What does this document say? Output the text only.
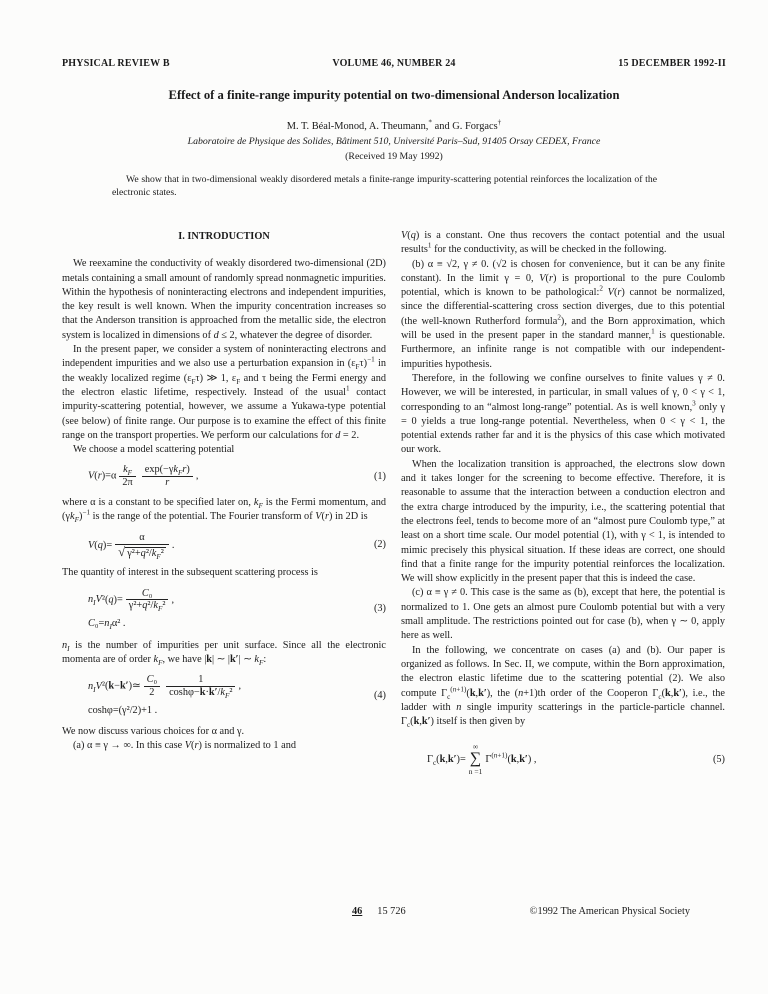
PHYSICAL REVIEW B	VOLUME 46, NUMBER 24	15 DECEMBER 1992-II
Effect of a finite-range impurity potential on two-dimensional Anderson localization
M. T. Béal-Monod, A. Theumann,* and G. Forgacs†
Laboratoire de Physique des Solides, Bâtiment 510, Université Paris–Sud, 91405 Orsay CEDEX, France
(Received 19 May 1992)
We show that in two-dimensional weakly disordered metals a finite-range impurity-scattering potential reinforces the localization of the electronic states.
I. INTRODUCTION

We reexamine the conductivity of weakly disordered two-dimensional (2D) metals containing a small amount of randomly spread nonmagnetic impurities. Within the hypothesis of noninteracting electrons and independent impurities, the key result is well known. When the impurity concentration increases so that the Anderson transition is approached from the metallic side, the electron system is localized in dimensions of d ≤ 2, whatever the degree of disorder.

In the present paper, we consider a system of noninteracting electrons and independent impurities and we also use a perturbation expansion in $(\varepsilon_F\tau)^{-1}$ in the weakly localized regime $(\varepsilon_F\tau)$ ≫ 1, $\varepsilon_F$ and τ being the Fermi energy and the electron elastic lifetime, respectively. Instead of the usual$^1$ contact impurity-scattering potential, however, we assume a Yukawa-type potential (see below) of finite range. Our purpose is to examine the effect of this finite range on the transport properties. We perform our calculations for d = 2.

We choose a model scattering potential

$V(r)=\alpha \frac{k_F}{2\pi} \frac{\exp(-\gamma k_Fr)}{r}$ ,	(1)

where α is a constant to be specified later on, $k_F$ is the Fermi momentum, and $(\gamma k_F)^{-1}$ is the range of the potential. The Fourier transform of V(r) in 2D is

$V(q)= \frac{\alpha}{√ \gamma^2+q^2/k_F^2}$ .	(2)

The quantity of interest in the subsequent scattering process is

$n_IV^2(q)= \frac{\text{C₀}}{\gamma^2+q^2/k_F^2}$ ,
$C_0=n_I\alpha^2$ .
(3)

$n_I$ is the number of impurities per unit surface. Since all the electronic momenta are of order $k_F$, we have |k| ∼ |k′| ∼ $k_F$:

$n_IV^2(k-k')≃ \frac{\text{C₀}}{2} \frac{1}{\cosh\varphi-k\cdot k'/k_F^2}$ ,
coshφ=(γ²/2)+1 .
(4)

We now discuss various choices for α and γ.

(a) α ≡ γ → ∞. In this case V(r) is normalized to 1 and

V(q) is a constant. One thus recovers the contact potential and the usual results$^1$ for the conductivity, as will be checked in the following.

(b) α ≡ √2, γ ≠ 0. (√2 is chosen for convenience, but it can be any finite constant). In the limit γ = 0, V(r) is proportional to the pure Coulomb potential, which is known to be pathological:$^2$ V(r) cannot be normalized, since the differential-scattering cross section diverges, due to this potential (the well-known Rutherford formula$^2$), and the Born approximation, which will be used in the present paper in the standard manner,$^1$ is questionable. Furthermore, an infinite range is not compatible with our independent-impurities hypothesis.

Therefore, in the following we confine ourselves to finite values γ ≠ 0. However, we will be interested, in particular, in small values of γ, 0 < γ < 1, corresponding to an “almost long-range” potential. As is well known,$^3$ only γ = 0 yields a true long-range potential. Nevertheless, when 0 < γ < 1, the potential extends rather far and it is the physics of this case which motivated our work.

When the localization transition is approached, the electrons slow down and it takes longer for the screening to become effective. Therefore, it is reasonable to assume that the interaction between a conduction electron and the extra charge introduced by the impurity, i.e., the scattering potential that the electrons feel, tends to become more of an “almost pure Coulomb type,” at least on a short time scale. Our model potential (1), with γ < 1, is intended to mimic precisely this physical situation. If these ideas are correct, one should find that a finite range for the impurity potential reinforces the localization. We will show explicitly in the present paper that this is indeed the case.

(c) α ≡ γ ≠ 0. This case is the same as (b), except that here, the potential is normalized to 1. One gets an almost pure Coulomb potential but with a very small amplitude. The restrictions pointed out for case (b), when γ ∼ 0, apply here as well.

In the following, we concentrate on cases (a) and (b). Our paper is organized as follows. In Sec. II, we compute, within the Born approximation, the electron elastic lifetime due to the scattering potential (2). We also compute $\Gamma_c^{(n+1)}(k,k')$, the (n+1)th order of the Cooperon $\Gamma_c(k,k')$, i.e., the ladder with n single impurity scatterings in the particle-particle channel. $\Gamma_c(k,k')$ itself is then given by

$\Gamma_c(k,k')=$
∞
∑
n =1
$\Gamma^{(n+1)}(k,k')$ ,	(5)
46 15 726	©1992 The American Physical Society
